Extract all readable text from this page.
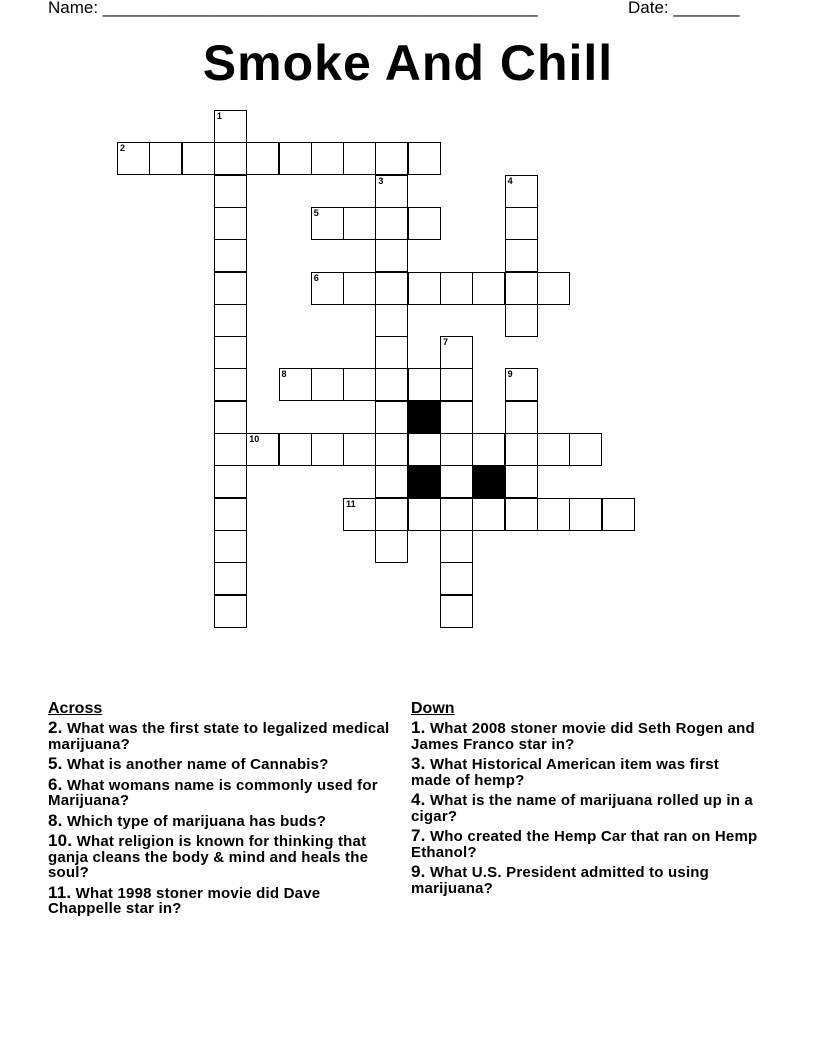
Name: ______________________________________________	Date: _______
Smoke And Chill
1
2
3	4
5
6
7
8	9
10
11
Across
2. What was the first state to legalized medical marijuana?
5. What is another name of Cannabis?
6. What womans name is commonly used for Marijuana?
8. Which type of marijuana has buds?
10. What religion is known for thinking that ganja cleans the body & mind and heals the soul?
11. What 1998 stoner movie did Dave Chappelle star in?
Down
1. What 2008 stoner movie did Seth Rogen and James Franco star in?
3. What Historical American item was first made of hemp?
4. What is the name of marijuana rolled up in a cigar?
7. Who created the Hemp Car that ran on Hemp Ethanol?
9. What U.S. President admitted to using marijuana?
